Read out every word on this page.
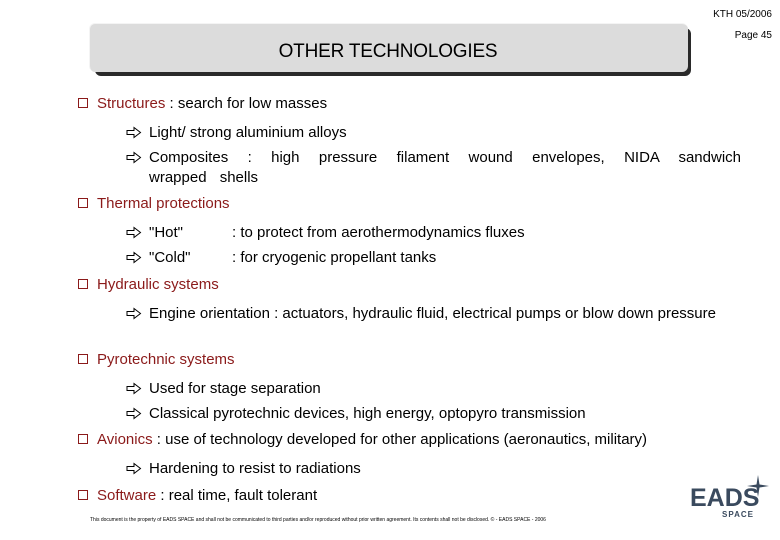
KTH 05/2006
Page 45
OTHER TECHNOLOGIES
Structures : search for low masses
Light/ strong aluminium alloys
Composites : high pressure filament wound envelopes, NIDA sandwich wrapped shells
Thermal protections
"Hot"	: to protect from aerothermodynamics fluxes
"Cold"	: for cryogenic propellant tanks
Hydraulic systems
Engine orientation : actuators, hydraulic fluid, electrical pumps or blow down pressure
Pyrotechnic systems
Used for stage separation
Classical pyrotechnic devices, high energy, optopyro transmission
Avionics : use of technology developed for other applications (aeronautics, military)
Hardening to resist to radiations
Software : real time, fault tolerant
This document is the property of EADS SPACE and shall not be communicated to third parties and/or reproduced without prior written agreement. Its contents shall not be disclosed. © - EADS SPACE - 2006
EADS
SPACE
